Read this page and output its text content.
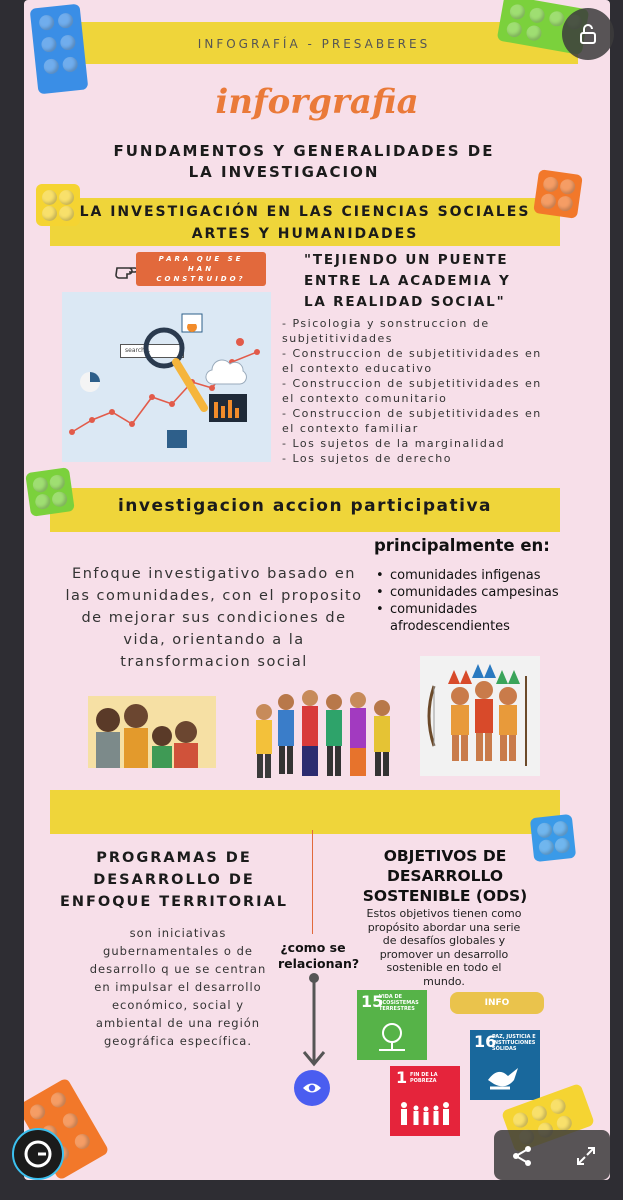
INFOGRAFÍA - PRESABERES
inforgrafia
FUNDAMENTOS Y GENERALIDADES DE
LA INVESTIGACION
LA INVESTIGACIÓN EN LAS CIENCIAS SOCIALES
ARTES Y HUMANIDADES
PARA QUE SE
HAN
CONSTRUIDO?
"TEJIENDO UN PUENTE
ENTRE LA ACADEMIA Y
LA REALIDAD SOCIAL"
search...
- Psicologia y sonstruccion de subjetitividades
- Construccion de subjetitividades en el contexto educativo
- Construccion de subjetitividades en el contexto comunitario
- Construccion de subjetitividades en el contexto familiar
- Los sujetos de la marginalidad
- Los sujetos de derecho
investigacion accion participativa
Enfoque investigativo basado en las comunidades, con el proposito de mejorar sus condiciones de vida, orientando a la transformacion social
principalmente en:
• comunidades infigenas
• comunidades campesinas
• comunidades afrodescendientes
PROGRAMAS DE
DESARROLLO DE
ENFOQUE TERRITORIAL
son iniciativas gubernamentales o de desarrollo q ue se centran en impulsar el desarrollo económico, social y ambiental de una región geográfica específica.
¿como se
relacionan?
OBJETIVOS DE
DESARROLLO
SOSTENIBLE (ODS)
Estos objetivos tienen como propósito abordar una serie de desafíos globales y promover un desarrollo sostenible en todo el mundo.
INFO
15
VIDA DE ECOSISTEMAS TERRESTRES
16
PAZ, JUSTICIA E INSTITUCIONES SÓLIDAS
1 FIN DE LA POBREZA
